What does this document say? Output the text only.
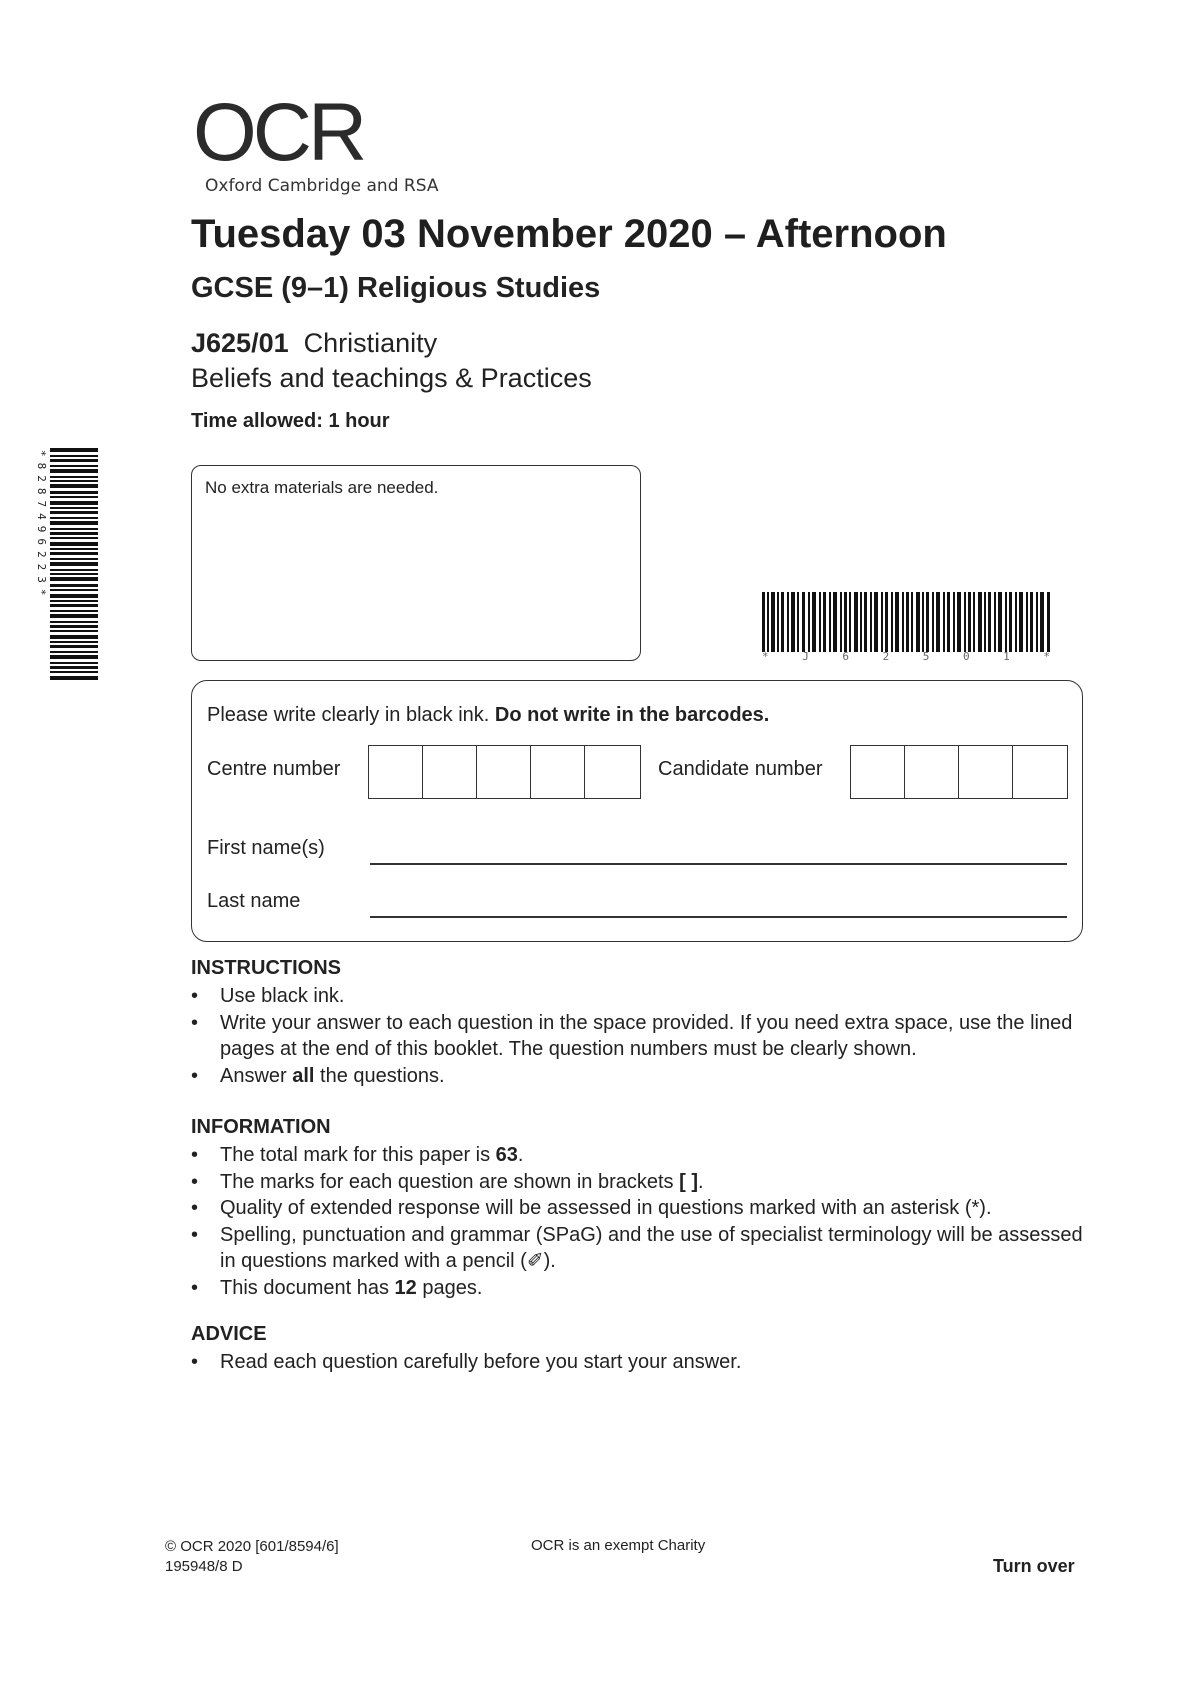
OCR
Oxford Cambridge and RSA
Tuesday 03 November 2020 – Afternoon
GCSE (9–1) Religious Studies
J625/01 Christianity
Beliefs and teachings & Practices
Time allowed: 1 hour
*8287496223*	No extra materials are needed.
*	J	6	2	5	0	1	*
Please write clearly in black ink. Do not write in the barcodes.
Centre number	Candidate number
First name(s)
Last name
INSTRUCTIONS
• Use black ink.
• Write your answer to each question in the space provided. If you need extra space, use the lined pages at the end of this booklet. The question numbers must be clearly shown.
• Answer all the questions.
INFORMATION
• The total mark for this paper is 63.
• The marks for each question are shown in brackets [ ].
• Quality of extended response will be assessed in questions marked with an asterisk (*).
• Spelling, punctuation and grammar (SPaG) and the use of specialist terminology will be assessed in questions marked with a pencil (✐).
• This document has 12 pages.
ADVICE
• Read each question carefully before you start your answer.
© OCR 2020 [601/8594/6]
195948/8 D
OCR is an exempt Charity
Turn over
